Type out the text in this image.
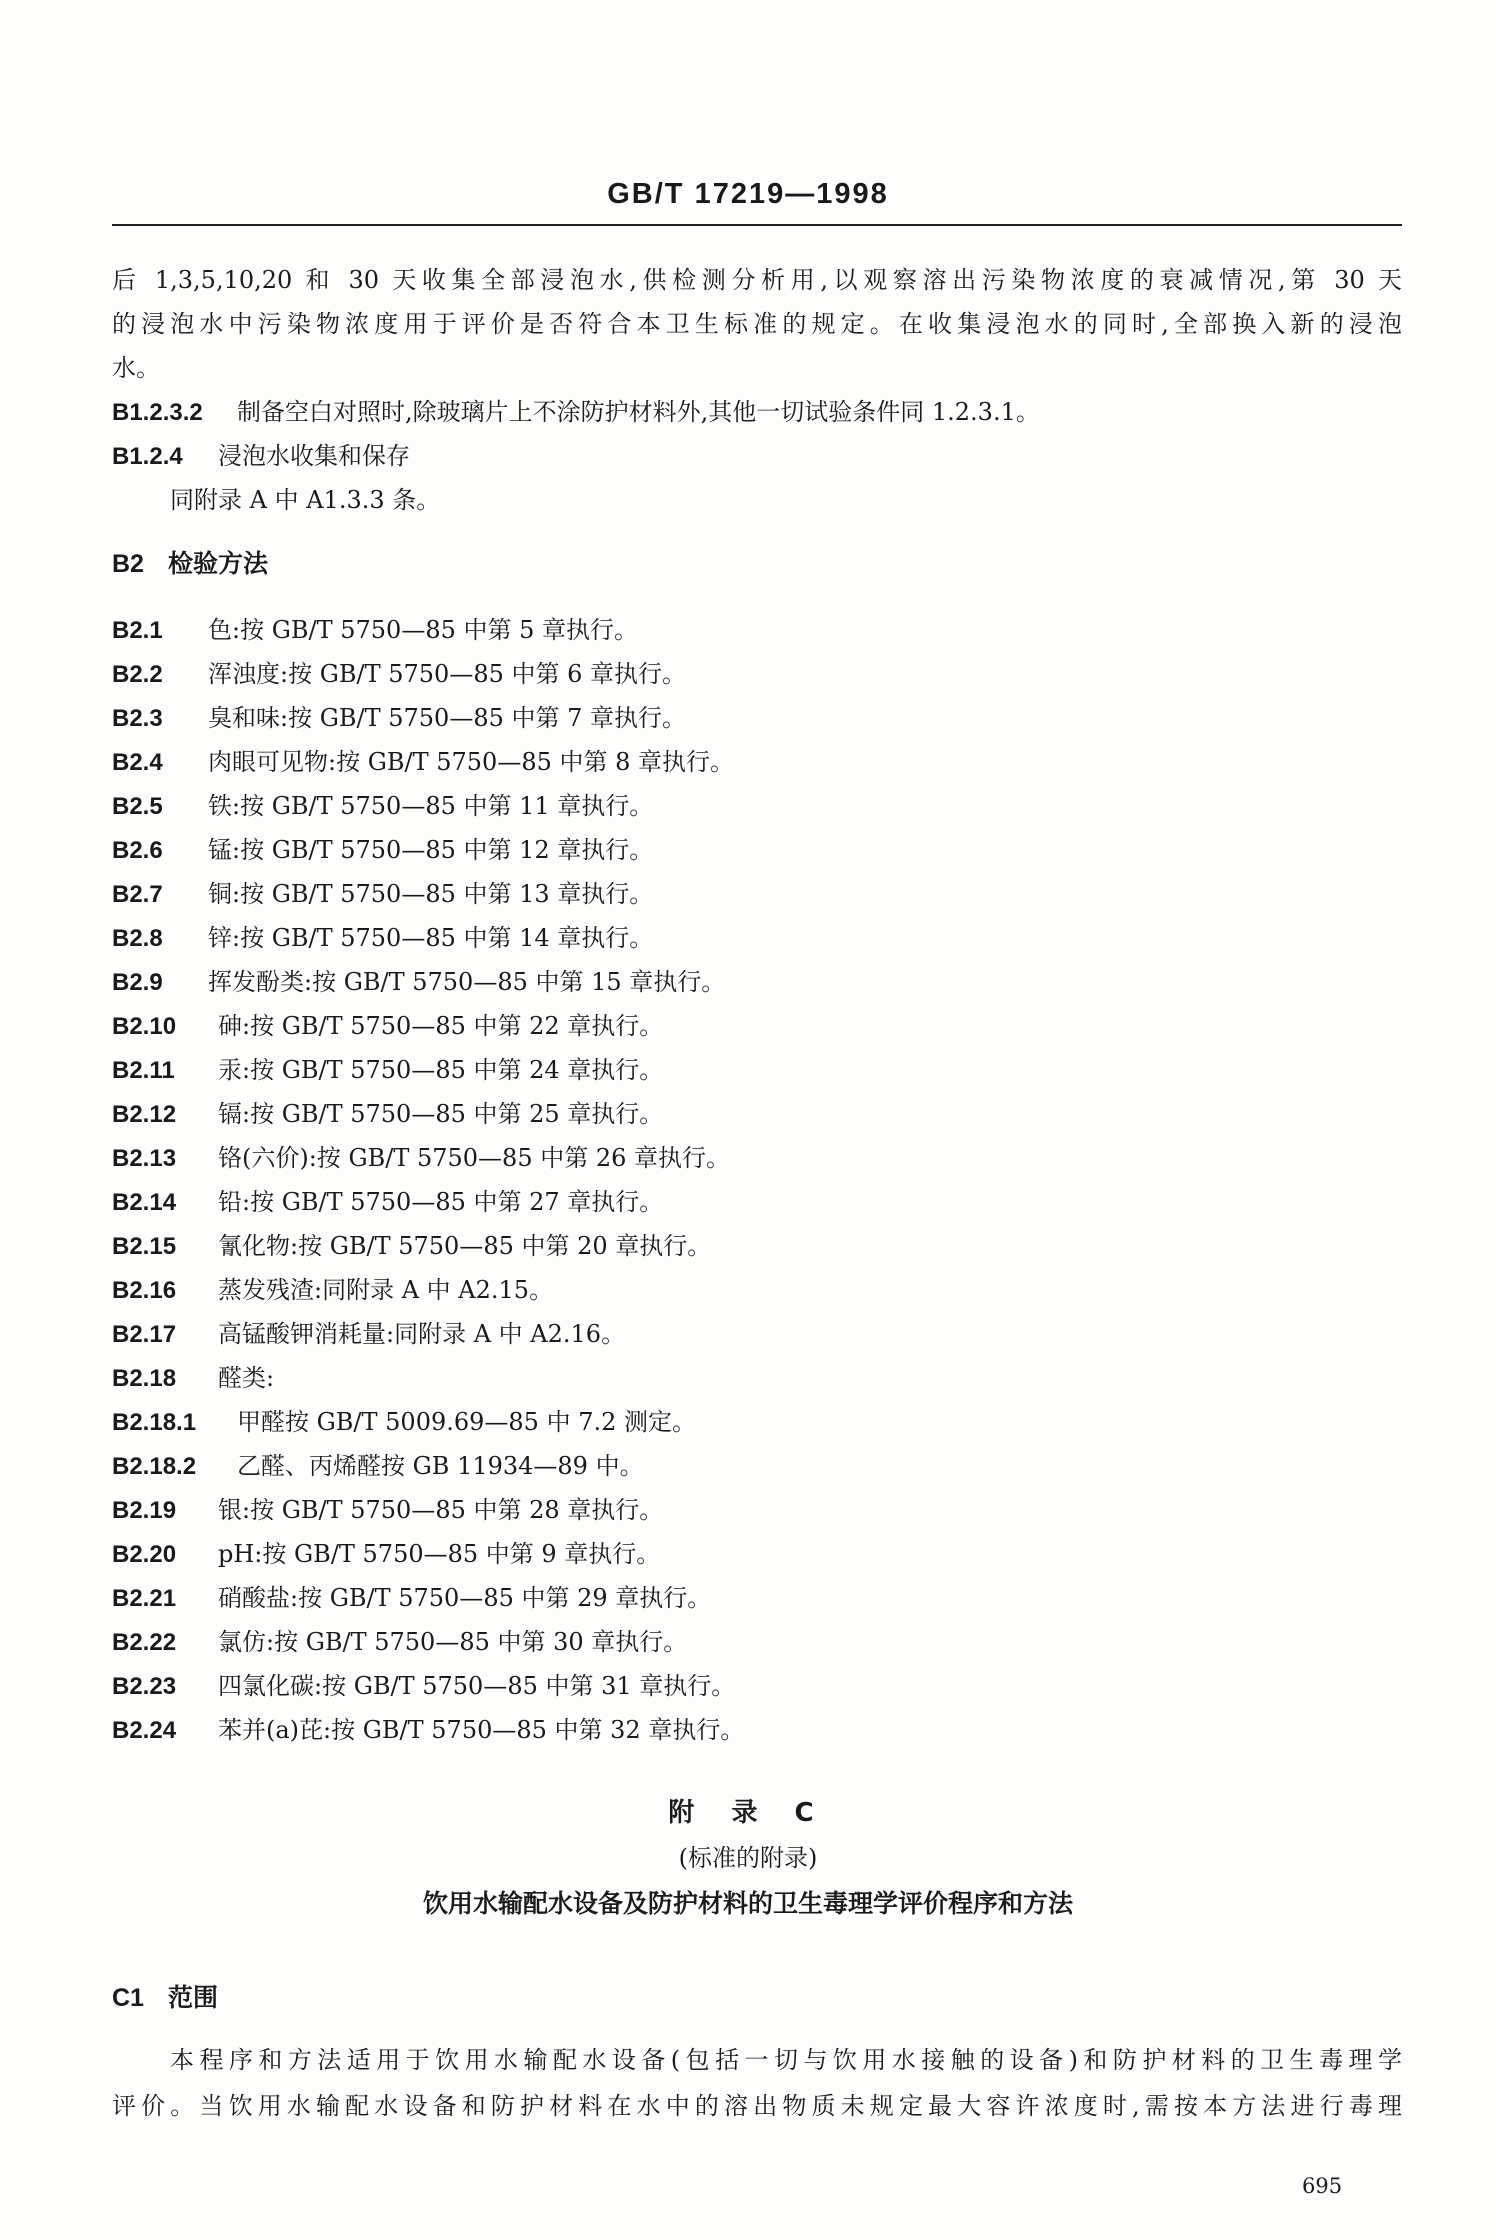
GB/T 17219—1998
后 1,3,5,10,20 和 30 天收集全部浸泡水,供检测分析用,以观察溶出污染物浓度的衰减情况,第 30 天
的浸泡水中污染物浓度用于评价是否符合本卫生标准的规定。在收集浸泡水的同时,全部换入新的浸泡
水。
B1.2.3.2 制备空白对照时,除玻璃片上不涂防护材料外,其他一切试验条件同 1.2.3.1。
B1.2.4 浸泡水收集和保存
同附录 A 中 A1.3.3 条。
B2 检验方法
B2.1 色:按 GB/T 5750—85 中第 5 章执行。
B2.2 浑浊度:按 GB/T 5750—85 中第 6 章执行。
B2.3 臭和味:按 GB/T 5750—85 中第 7 章执行。
B2.4 肉眼可见物:按 GB/T 5750—85 中第 8 章执行。
B2.5 铁:按 GB/T 5750—85 中第 11 章执行。
B2.6 锰:按 GB/T 5750—85 中第 12 章执行。
B2.7 铜:按 GB/T 5750—85 中第 13 章执行。
B2.8 锌:按 GB/T 5750—85 中第 14 章执行。
B2.9 挥发酚类:按 GB/T 5750—85 中第 15 章执行。
B2.10 砷:按 GB/T 5750—85 中第 22 章执行。
B2.11 汞:按 GB/T 5750—85 中第 24 章执行。
B2.12 镉:按 GB/T 5750—85 中第 25 章执行。
B2.13 铬(六价):按 GB/T 5750—85 中第 26 章执行。
B2.14 铅:按 GB/T 5750—85 中第 27 章执行。
B2.15 氰化物:按 GB/T 5750—85 中第 20 章执行。
B2.16 蒸发残渣:同附录 A 中 A2.15。
B2.17 高锰酸钾消耗量:同附录 A 中 A2.16。
B2.18 醛类:
B2.18.1 甲醛按 GB/T 5009.69—85 中 7.2 测定。
B2.18.2 乙醛、丙烯醛按 GB 11934—89 中。
B2.19 银:按 GB/T 5750—85 中第 28 章执行。
B2.20 pH:按 GB/T 5750—85 中第 9 章执行。
B2.21 硝酸盐:按 GB/T 5750—85 中第 29 章执行。
B2.22 氯仿:按 GB/T 5750—85 中第 30 章执行。
B2.23 四氯化碳:按 GB/T 5750—85 中第 31 章执行。
B2.24 苯并(a)芘:按 GB/T 5750—85 中第 32 章执行。
附 录 C
(标准的附录)
饮用水输配水设备及防护材料的卫生毒理学评价程序和方法
C1 范围
本程序和方法适用于饮用水输配水设备(包括一切与饮用水接触的设备)和防护材料的卫生毒理学
评价。当饮用水输配水设备和防护材料在水中的溶出物质未规定最大容许浓度时,需按本方法进行毒理
695
